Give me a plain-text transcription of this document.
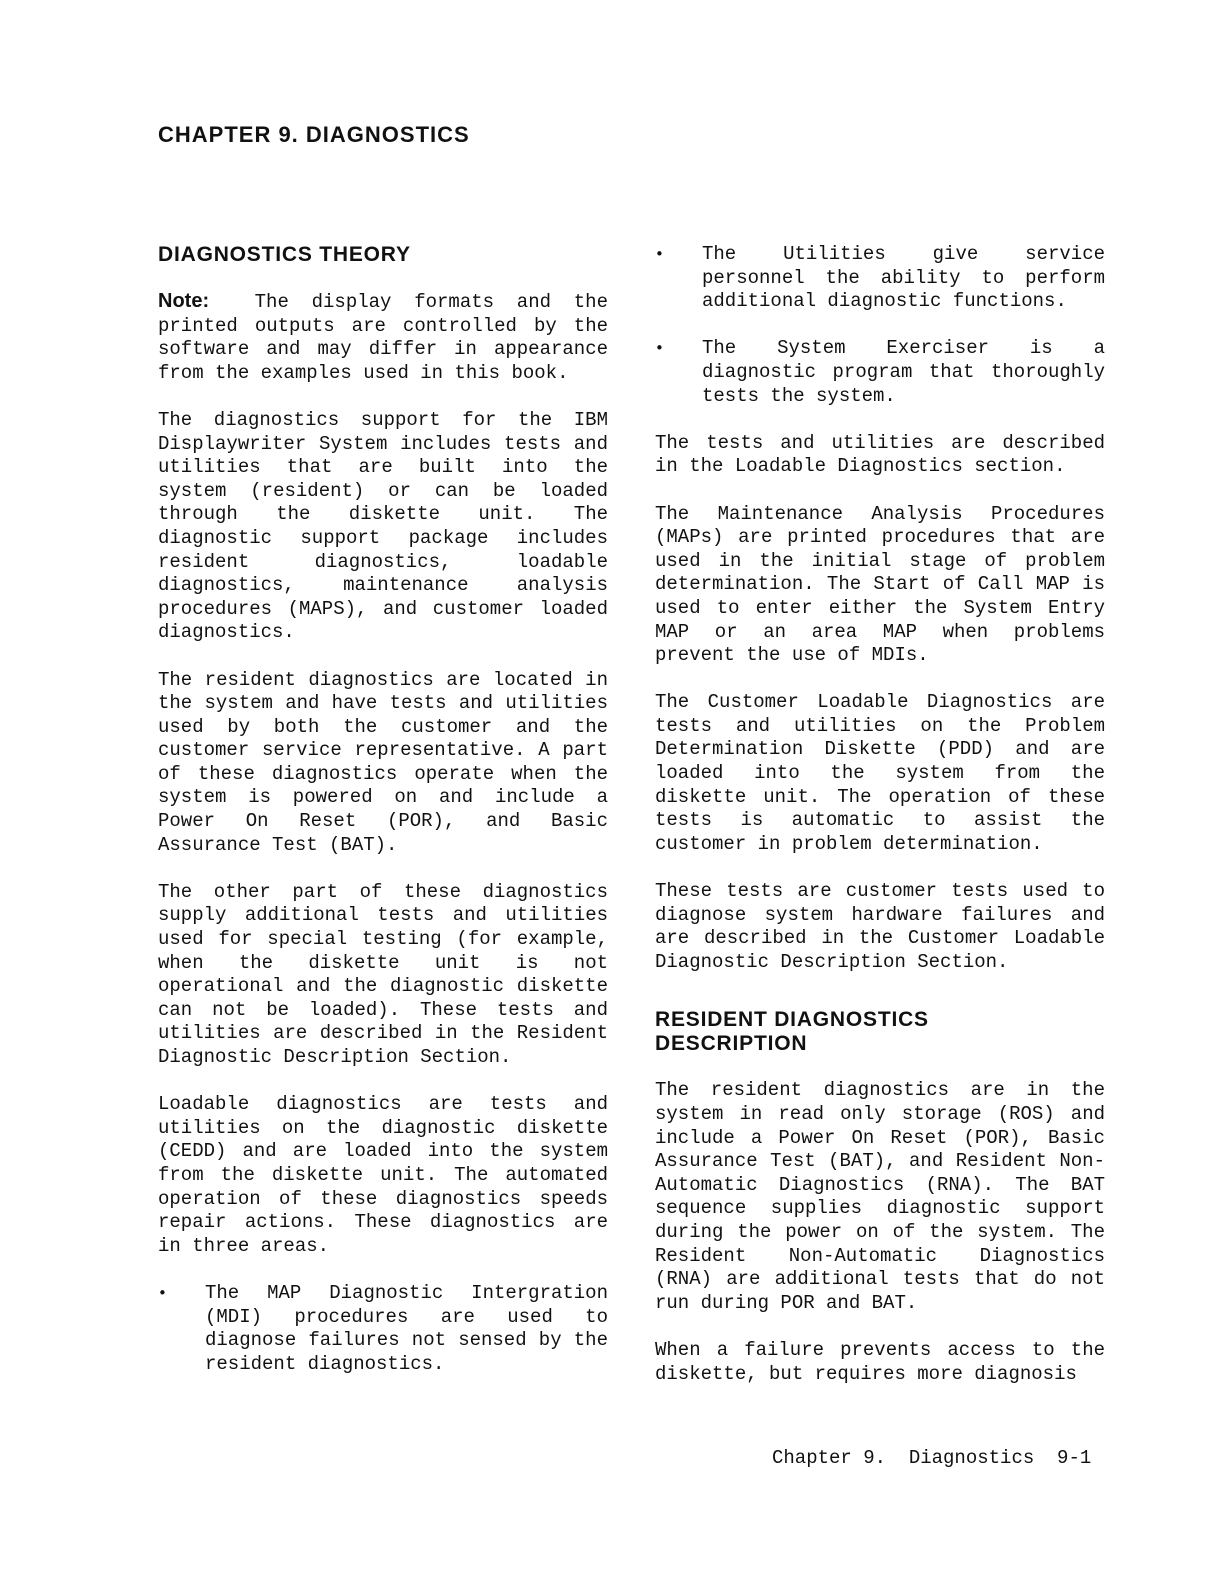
CHAPTER 9. DIAGNOSTICS
DIAGNOSTICS THEORY

Note: The display formats and the printed outputs are controlled by the software and may differ in appearance from the examples used in this book.

The diagnostics support for the IBM Displaywriter System includes tests and utilities that are built into the system (resident) or can be loaded through the diskette unit. The diagnostic support package includes resident diagnostics, loadable diagnostics, maintenance analysis procedures (MAPS), and customer loaded diagnostics.

The resident diagnostics are located in the system and have tests and utilities used by both the customer and the customer service representative. A part of these diagnostics operate when the system is powered on and include a Power On Reset (POR), and Basic Assurance Test (BAT).

The other part of these diagnostics supply additional tests and utilities used for special testing (for example, when the diskette unit is not operational and the diagnostic diskette can not be loaded). These tests and utilities are described in the Resident Diagnostic Description Section.

Loadable diagnostics are tests and utilities on the diagnostic diskette (CEDD) and are loaded into the system from the diskette unit. The automated operation of these diagnostics speeds repair actions. These diagnostics are in three areas.

• The MAP Diagnostic Intergration (MDI) procedures are used to diagnose failures not sensed by the resident diagnostics.
• The Utilities give service personnel the ability to perform additional diagnostic functions.
• The System Exerciser is a diagnostic program that thoroughly tests the system.

The tests and utilities are described in the Loadable Diagnostics section.

The Maintenance Analysis Procedures (MAPs) are printed procedures that are used in the initial stage of problem determination. The Start of Call MAP is used to enter either the System Entry MAP or an area MAP when problems prevent the use of MDIs.

The Customer Loadable Diagnostics are tests and utilities on the Problem Determination Diskette (PDD) and are loaded into the system from the diskette unit. The operation of these tests is automatic to assist the customer in problem determination.

These tests are customer tests used to diagnose system hardware failures and are described in the Customer Loadable Diagnostic Description Section.

RESIDENT DIAGNOSTICS
DESCRIPTION

The resident diagnostics are in the system in read only storage (ROS) and include a Power On Reset (POR), Basic Assurance Test (BAT), and Resident Non-Automatic Diagnostics (RNA). The BAT sequence supplies diagnostic support during the power on of the system. The Resident Non-Automatic Diagnostics (RNA) are additional tests that do not run during POR and BAT.

When a failure prevents access to the diskette, but requires more diagnosis

Chapter 9.  Diagnostics  9-1
